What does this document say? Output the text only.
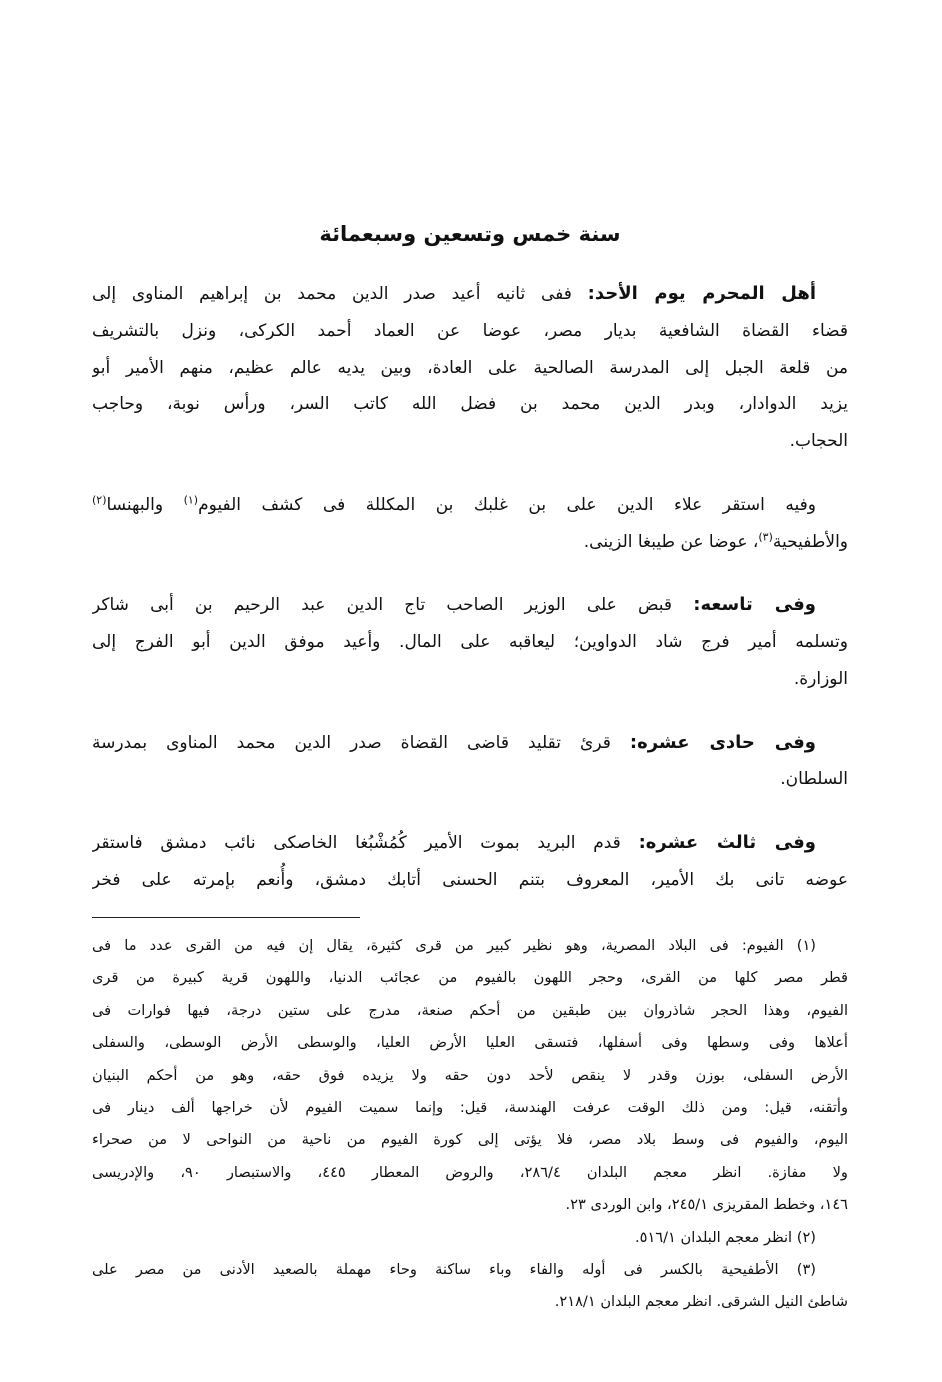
سنة خمس وتسعين وسبعمائة
أهل المحرم يوم الأحد: ففى ثانيه أعيد صدر الدين محمد بن إبراهيم المناوى إلى
قضاء القضاة الشافعية بديار مصر، عوضا عن العماد أحمد الكركى، ونزل بالتشريف
من قلعة الجبل إلى المدرسة الصالحية على العادة، وبين يديه عالم عظيم، منهم الأمير أبو
يزيد الدوادار، وبدر الدين محمد بن فضل الله كاتب السر، ورأس نوبة، وحاجب
الحجاب.
وفيه استقر علاء الدين على بن غلبك بن المكللة فى كشف الفيوم$^{(١)}$ والبهنسا$^{(٢)}$
والأطفيحية$^{(٣)}$، عوضا عن طيبغا الزينى.
وفى تاسعه: قبض على الوزير الصاحب تاج الدين عبد الرحيم بن أبى شاكر
وتسلمه أمير فرج شاد الدواوين؛ ليعاقبه على المال. وأعيد موفق الدين أبو الفرج إلى
الوزارة.
وفى حادى عشره: قرئ تقليد قاضى القضاة صدر الدين محمد المناوى بمدرسة
السلطان.
وفى ثالث عشره: قدم البريد بموت الأمير كُمُشْبُغا الخاصكى نائب دمشق فاستقر
عوضه تانى بك الأمير، المعروف بتنم الحسنى أتابك دمشق، وأُنعم بإمرته على فخر
(١) الفيوم: فى البلاد المصرية، وهو نظير كبير من قرى كثيرة، يقال إن فيه من القرى عدد ما فى
قطر مصر كلها من القرى، وحجر اللهون بالفيوم من عجائب الدنيا، واللهون قرية كبيرة من قرى
الفيوم، وهذا الحجر شاذروان بين طبقين من أحكم صنعة، مدرج على ستين درجة، فيها فوارات فى
أعلاها وفى وسطها وفى أسفلها، فتسقى العليا الأرض العليا، والوسطى الأرض الوسطى، والسفلى
الأرض السفلى، بوزن وقدر لا ينقص لأحد دون حقه ولا يزيده فوق حقه، وهو من أحكم البنيان
وأتقنه، قيل: ومن ذلك الوقت عرفت الهندسة، قيل: وإنما سميت الفيوم لأن خراجها ألف دينار فى
اليوم، والفيوم فى وسط بلاد مصر، فلا يؤتى إلى كورة الفيوم من ناحية من النواحى لا من صحراء
ولا مفازة. انظر معجم البلدان ٢٨٦/٤، والروض المعطار ٤٤٥، والاستبصار ٩٠، والإدريسى
١٤٦، وخطط المقريزى ٢٤٥/١، وابن الوردى ٢٣.
(٢) انظر معجم البلدان ٥١٦/١.
(٣) الأطفيحية بالكسر فى أوله والفاء وباء ساكنة وحاء مهملة بالصعيد الأدنى من مصر على
شاطئ النيل الشرقى. انظر معجم البلدان ٢١٨/١.
